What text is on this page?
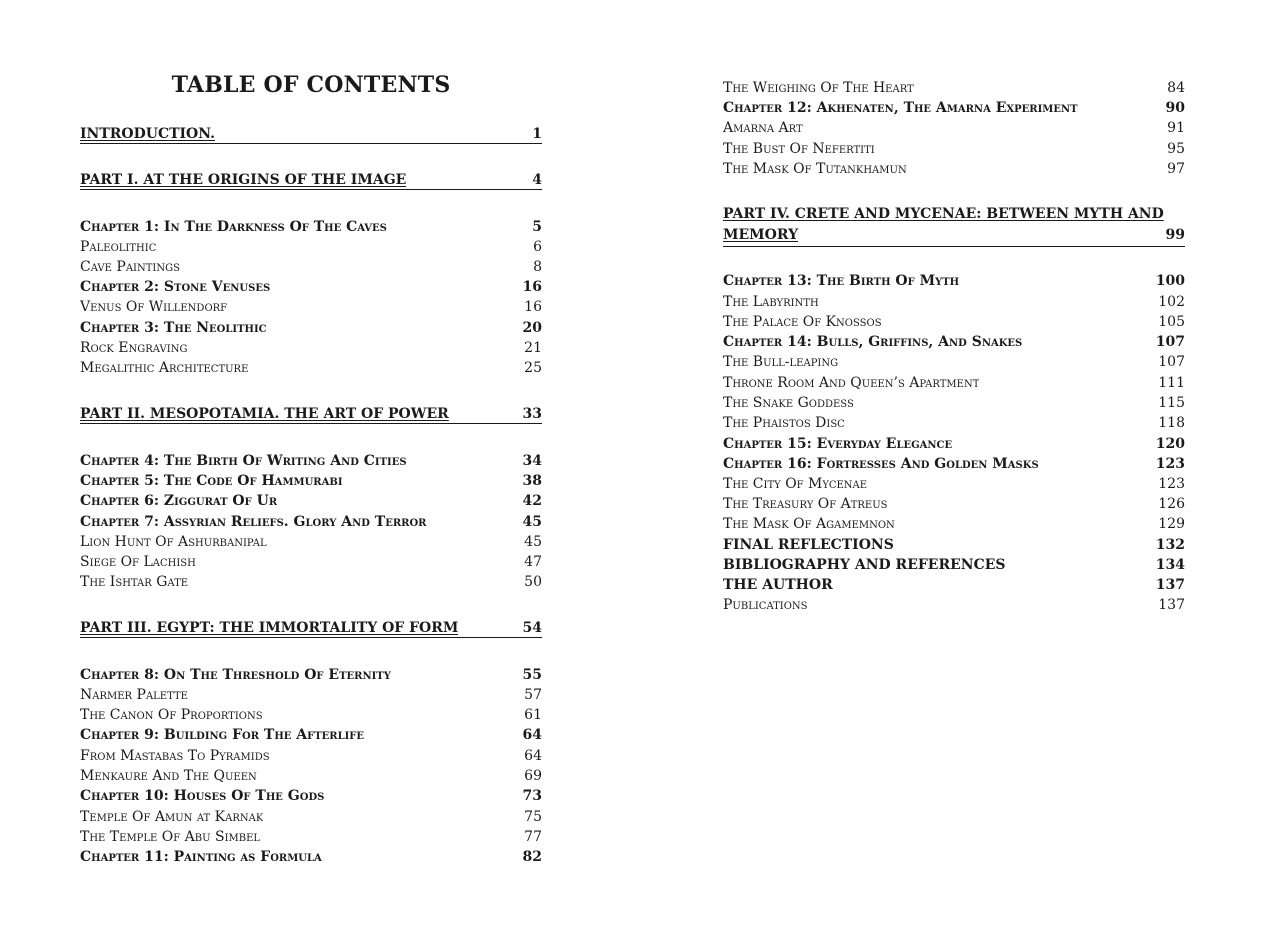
TABLE OF CONTENTS
INTRODUCTION.	1
PART I. AT THE ORIGINS OF THE IMAGE	4
Chapter 1: In The Darkness Of The Caves	5
Paleolithic	6
Cave Paintings	8
Chapter 2: Stone Venuses	16
Venus Of Willendorf	16
Chapter 3: The Neolithic	20
Rock Engraving	21
Megalithic Architecture	25
PART II. MESOPOTAMIA. THE ART OF POWER	33
Chapter 4: The Birth Of Writing And Cities	34
Chapter 5: The Code Of Hammurabi	38
Chapter 6: Ziggurat Of Ur	42
Chapter 7: Assyrian Reliefs. Glory And Terror	45
Lion Hunt Of Ashurbanipal	45
Siege Of Lachish	47
The Ishtar Gate	50
PART III. EGYPT: THE IMMORTALITY OF FORM	54
Chapter 8: On The Threshold Of Eternity	55
Narmer Palette	57
The Canon Of Proportions	61
Chapter 9: Building For The Afterlife	64
From Mastabas To Pyramids	64
Menkaure And The Queen	69
Chapter 10: Houses Of The Gods	73
Temple Of Amun at Karnak	75
The Temple Of Abu Simbel	77
Chapter 11: Painting as Formula	82
The Weighing Of The Heart	84
Chapter 12: Akhenaten, The Amarna Experiment	90
Amarna Art	91
The Bust Of Nefertiti	95
The Mask Of Tutankhamun	97
PART IV. CRETE AND MYCENAE: BETWEEN MYTH AND
MEMORY	99
Chapter 13: The Birth Of Myth	100
The Labyrinth	102
The Palace Of Knossos	105
Chapter 14: Bulls, Griffins, And Snakes	107
The Bull-leaping	107
Throne Room And Queen’s Apartment	111
The Snake Goddess	115
The Phaistos Disc	118
Chapter 15: Everyday Elegance	120
Chapter 16: Fortresses And Golden Masks	123
The City Of Mycenae	123
The Treasury Of Atreus	126
The Mask Of Agamemnon	129
FINAL REFLECTIONS	132
BIBLIOGRAPHY AND REFERENCES	134
THE AUTHOR	137
Publications	137
